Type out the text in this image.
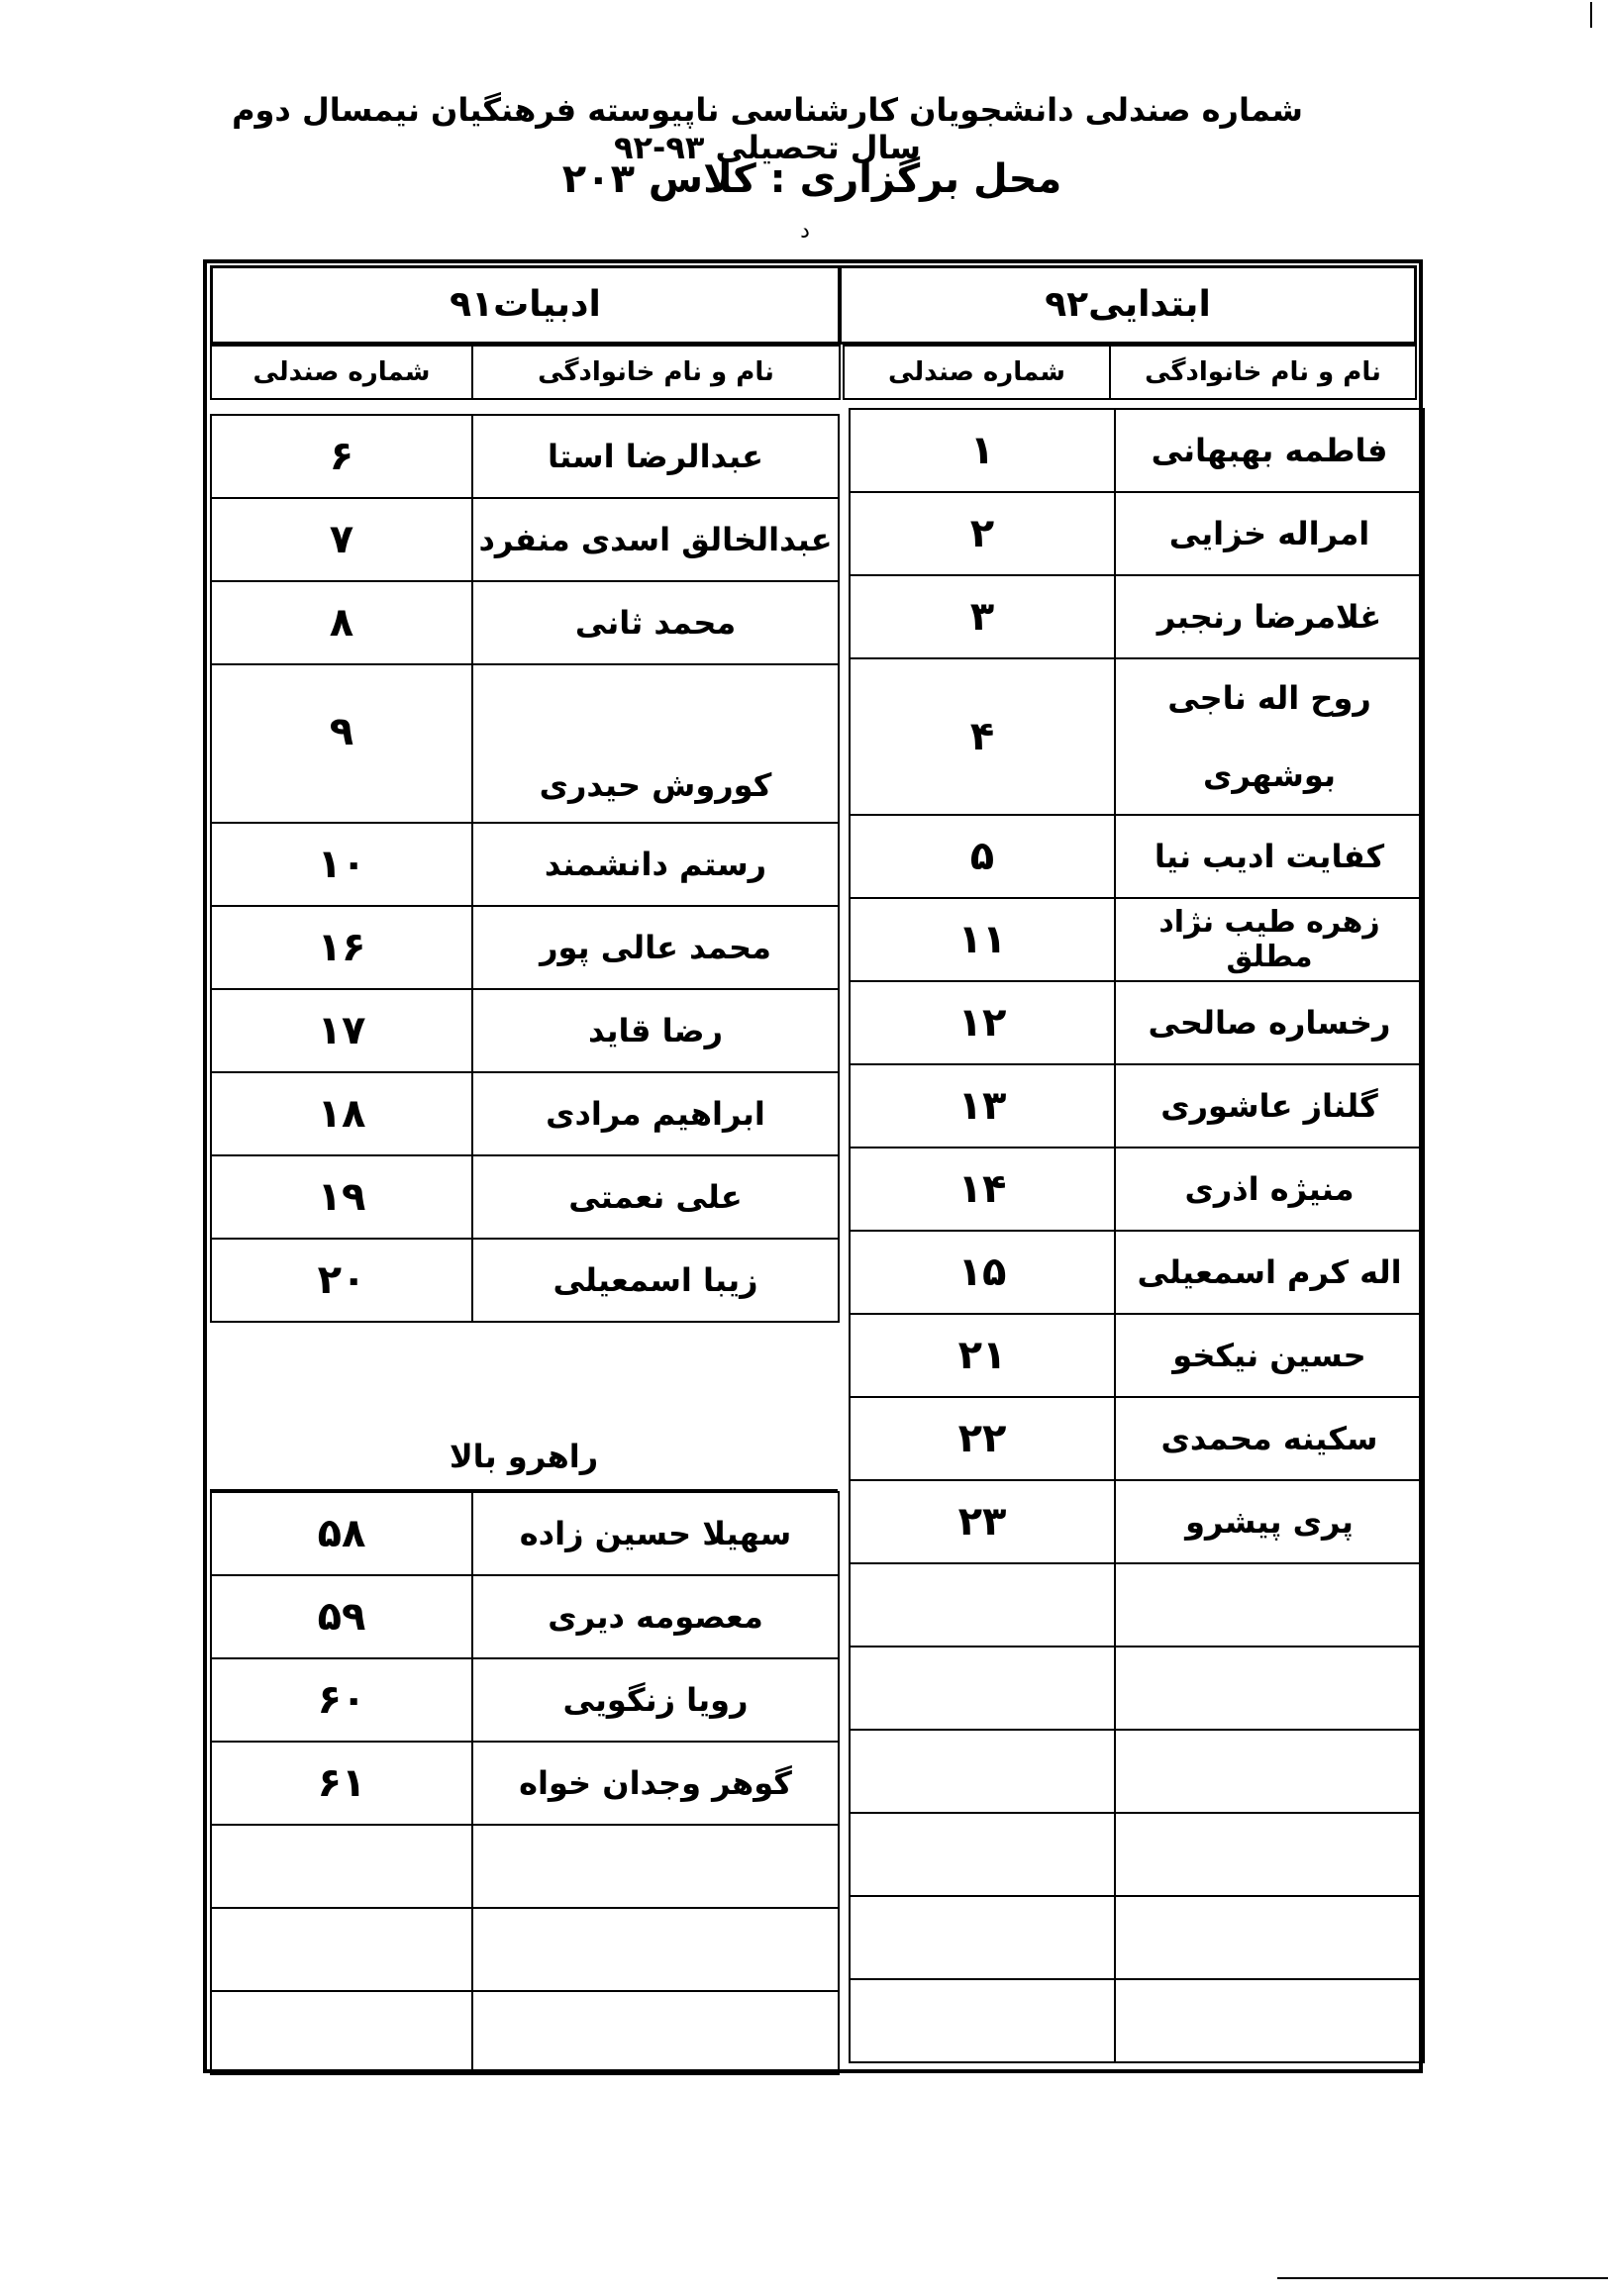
شماره صندلی دانشجویان کارشناسی ناپیوسته فرهنگیان نیمسال دوم سال تحصیلی ۹۳-۹۲
محل برگزاری : کلاس ۲۰۳ د
ابتدایی۹۲
نام و نام خانوادگی
شماره صندلی
ادبیات۹۱
نام و نام خانوادگی
شماره صندلی
۱	فاطمه بهبهانی
۲	امراله خزایی
۳	غلامرضا رنجبر
۴	روح اله ناجی بوشهری
۵	کفایت ادیب نیا
۱۱	زهره طیب نژاد مطلق
۱۲	رخساره صالحی
۱۳	گلناز عاشوری
۱۴	منیژه اذری
۱۵	اله کرم اسمعیلی
۲۱	حسین نیکخو
۲۲	سکینه محمدی
۲۳	پری پیشرو

۶	عبدالرضا استا
۷	عبدالخالق اسدی منفرد
۸	محمد ثانی
۹	کوروش حیدری
۱۰	رستم دانشمند
۱۶	محمد عالی پور
۱۷	رضا قاید
۱۸	ابراهیم مرادی
۱۹	علی نعمتی
۲۰	زیبا اسمعیلی
راهرو بالا
۵۸	سهیلا حسین زاده
۵۹	معصومه دیری
۶۰	رویا زنگویی
۶۱	گوهر وجدان خواه
